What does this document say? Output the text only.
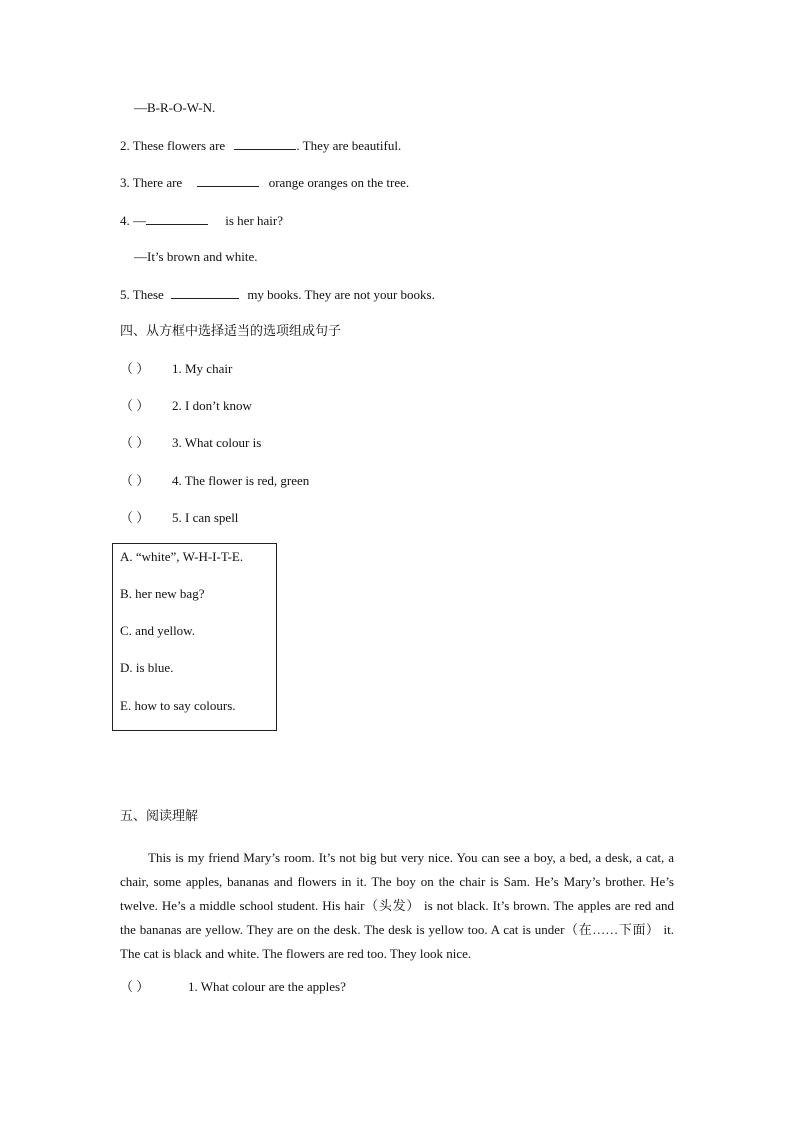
—B-R-O-W-N.
2. These flowers are	. They are beautiful.
3. There are	orange oranges on the tree.
4. —	is her hair?
—It’s brown and white.
5. These	my books. They are not your books.
四、从方框中选择适当的选项组成句子
（ ） 1. My chair
（ ） 2. I don’t know
（ ） 3. What colour is
（ ） 4. The flower is red, green
（ ） 5. I can spell
A. “white”, W-H-I-T-E.
B. her new bag?
C. and yellow.
D. is blue.
E. how to say colours.
五、阅读理解

This is my friend Mary’s room. It’s not big but very nice. You can see a boy, a bed, a desk, a cat, a chair, some apples, bananas and flowers in it. The boy on the chair is Sam. He’s Mary’s brother. He’s twelve. He’s a middle school student. His hair（头发） is not black. It’s brown. The apples are red and the bananas are yellow. They are on the desk. The desk is yellow too. A cat is under（在……下面） it. The cat is black and white. The flowers are red too. They look nice.

（ ）	1. What colour are the apples?
